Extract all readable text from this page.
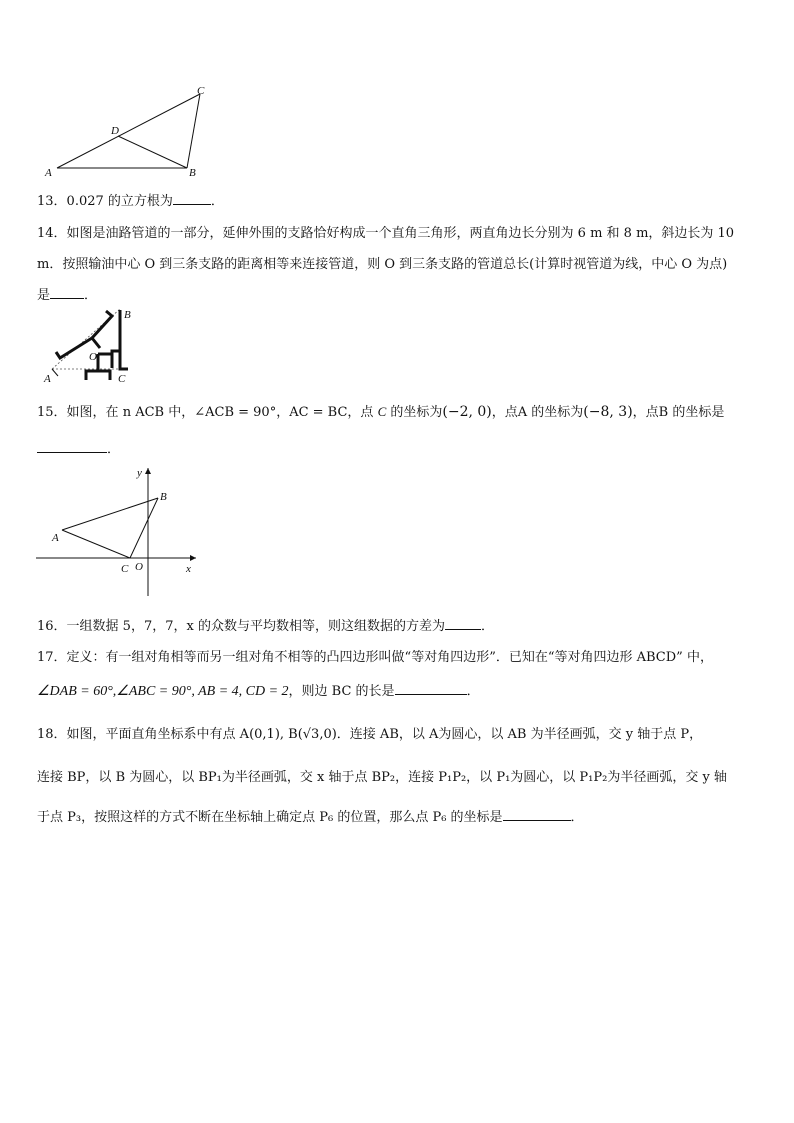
A	B
C
D
13．0.027 的立方根为	．
14．如图是油路管道的一部分，延伸外围的支路恰好构成一个直角三角形，两直角边长分别为 6 m 和 8 m，斜边长为 10
m．按照输油中心 O 到三条支路的距离相等来连接管道，则 O 到三条支路的管道总长(计算时视管道为线，中心 O 为点)
是	．
A
B
C
O
15．如图，在 n ACB 中，∠ACB = 90°，AC = BC，点 C 的坐标为(−2, 0)，点A 的坐标为(−8, 3)，点B 的坐标是
．
y
x
A
B
C O
16．一组数据 5，7，7，x 的众数与平均数相等，则这组数据的方差为	．
17．定义：有一组对角相等而另一组对角不相等的凸四边形叫做“等对角四边形”．已知在“等对角四边形 ABCD” 中，
∠DAB = 60°,∠ABC = 90°, AB = 4, CD = 2，则边 BC 的长是	．
18．如图，平面直角坐标系中有点 A(0,1), B(√3,0)．连接 AB，以 A为圆心，以 AB 为半径画弧，交 y 轴于点 P，
连接 BP，以 B 为圆心，以 BP₁为半径画弧，交 x 轴于点 BP₂，连接 P₁P₂，以 P₁为圆心，以 P₁P₂为半径画弧，交 y 轴
于点 P₃，按照这样的方式不断在坐标轴上确定点 P₆ 的位置，那么点 P₆ 的坐标是	．
